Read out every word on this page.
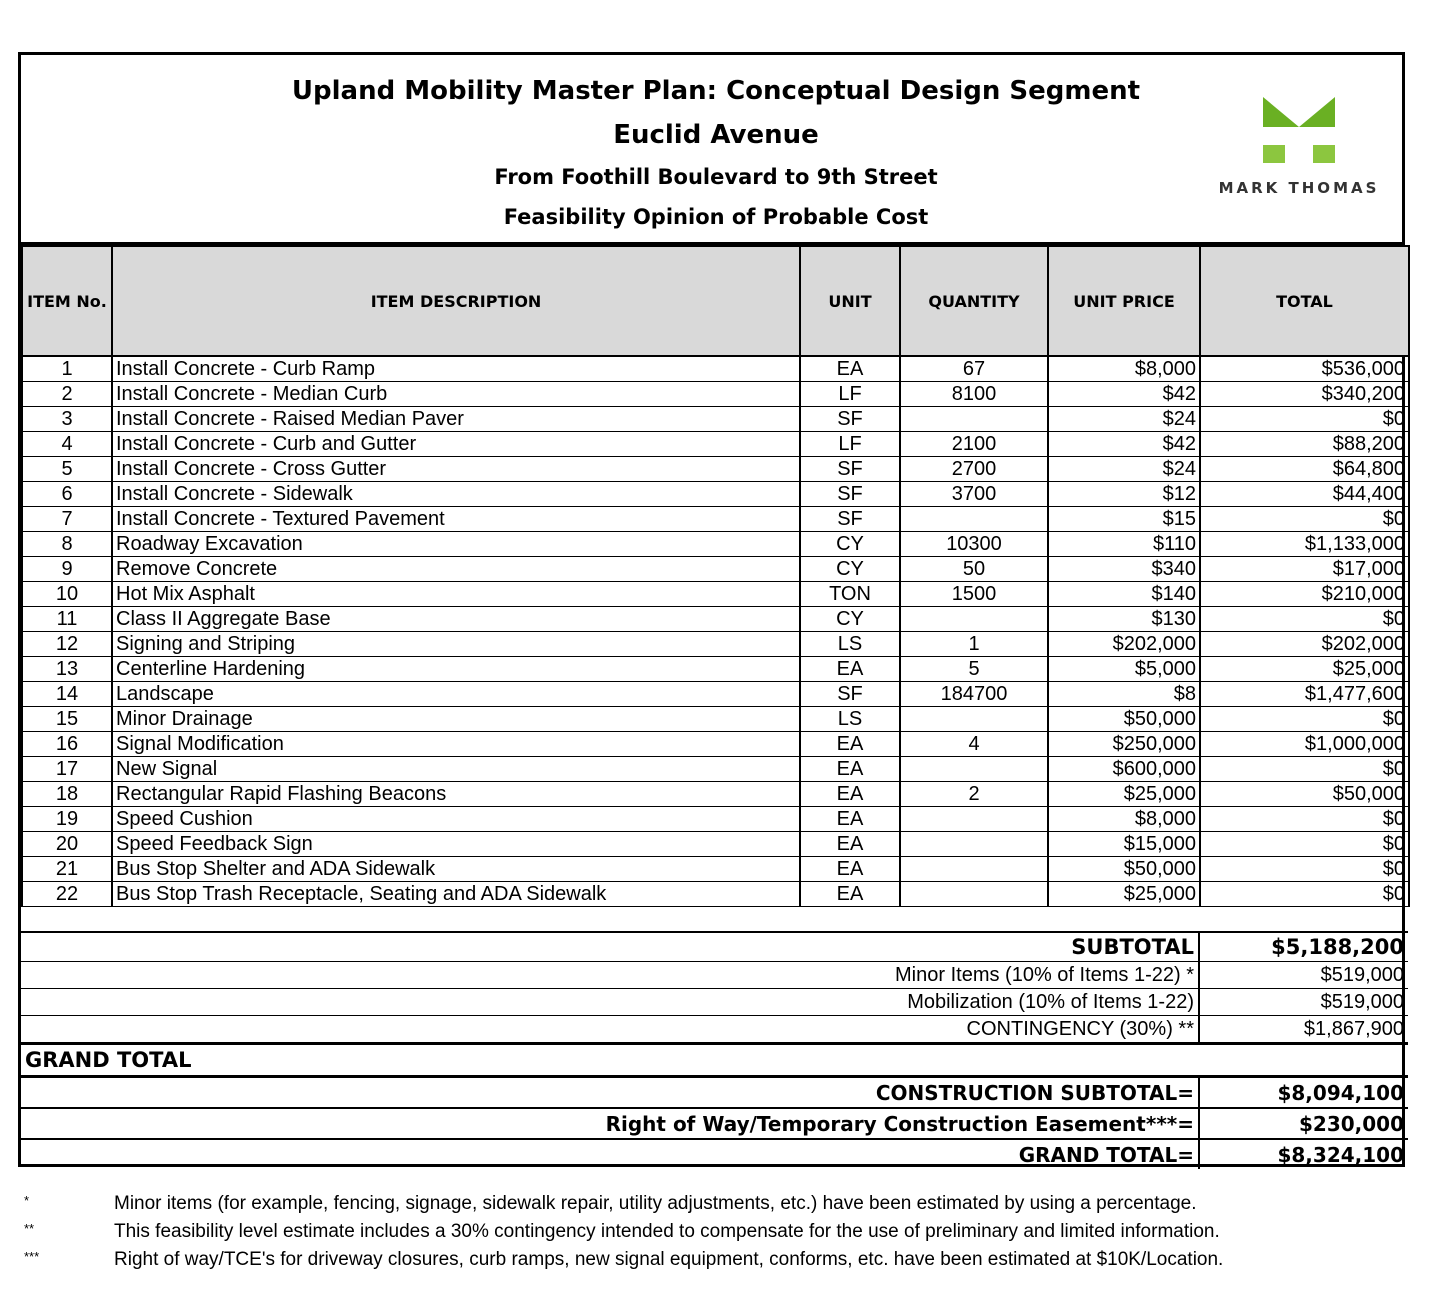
Upland Mobility Master Plan: Conceptual Design Segment
Euclid Avenue
From Foothill Boulevard to 9th Street
Feasibility Opinion of Probable Cost
MARK THOMAS
ITEM No.	ITEM DESCRIPTION	UNIT	QUANTITY	UNIT PRICE	TOTAL
1	Install Concrete - Curb Ramp	EA	67	$8,000	$536,000
2	Install Concrete - Median Curb	LF	8100	$42	$340,200
3	Install Concrete - Raised Median Paver	SF		$24	$0
4	Install Concrete - Curb and Gutter	LF	2100	$42	$88,200
5	Install Concrete - Cross Gutter	SF	2700	$24	$64,800
6	Install Concrete - Sidewalk	SF	3700	$12	$44,400
7	Install Concrete - Textured Pavement	SF		$15	$0
8	Roadway Excavation	CY	10300	$110	$1,133,000
9	Remove Concrete	CY	50	$340	$17,000
10	Hot Mix Asphalt	TON	1500	$140	$210,000
11	Class II Aggregate Base	CY		$130	$0
12	Signing and Striping	LS	1	$202,000	$202,000
13	Centerline Hardening	EA	5	$5,000	$25,000
14	Landscape	SF	184700	$8	$1,477,600
15	Minor Drainage	LS		$50,000	$0
16	Signal Modification	EA	4	$250,000	$1,000,000
17	New Signal	EA		$600,000	$0
18	Rectangular Rapid Flashing Beacons	EA	2	$25,000	$50,000
19	Speed Cushion	EA		$8,000	$0
20	Speed Feedback Sign	EA		$15,000	$0
21	Bus Stop Shelter and ADA Sidewalk	EA		$50,000	$0
22	Bus Stop Trash Receptacle, Seating and ADA Sidewalk	EA		$25,000	$0
SUBTOTAL	$5,188,200
Minor Items (10% of Items 1-22) *	$519,000
Mobilization (10% of Items 1-22)	$519,000
CONTINGENCY (30%) **	$1,867,900
GRAND TOTAL	
CONSTRUCTION SUBTOTAL=	$8,094,100
Right of Way/Temporary Construction Easement***=	$230,000
GRAND TOTAL=	$8,324,100
*	Minor items (for example, fencing, signage, sidewalk repair, utility adjustments, etc.) have been estimated by using a percentage.
**	This feasibility level estimate includes a 30% contingency intended to compensate for the use of preliminary and limited information.
***	Right of way/TCE's for driveway closures, curb ramps, new signal equipment, conforms, etc. have been estimated at $10K/Location.
